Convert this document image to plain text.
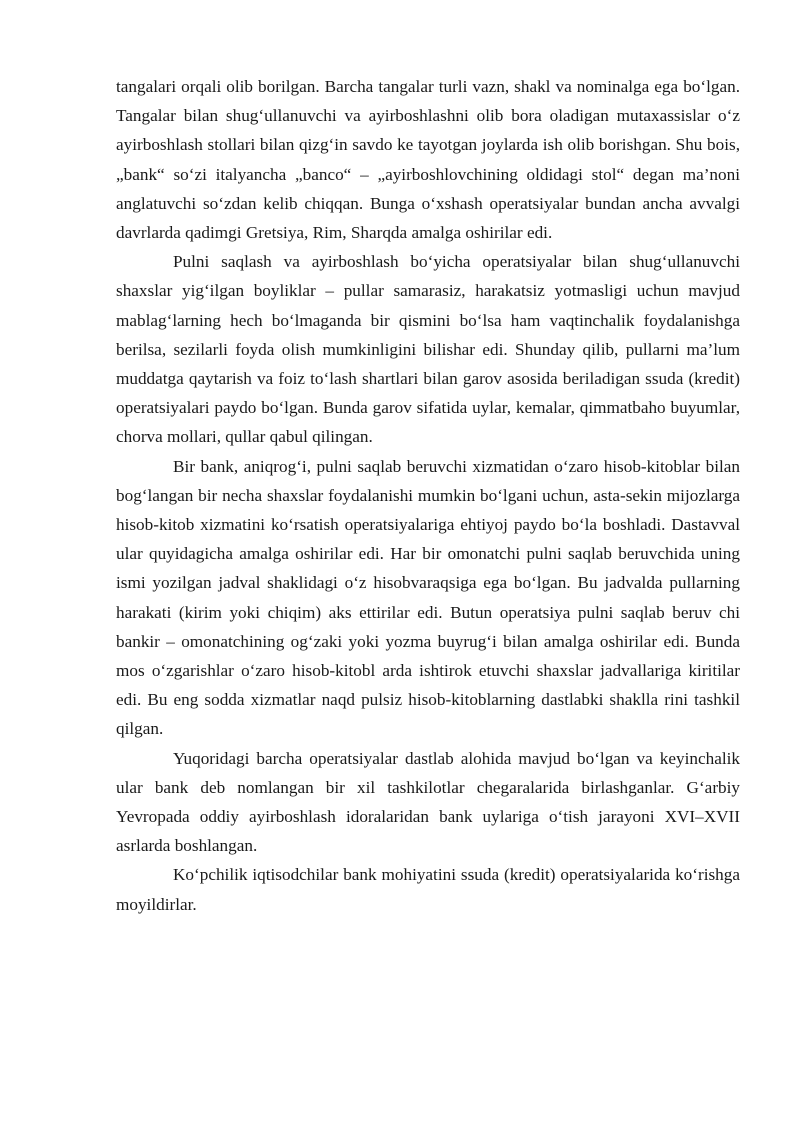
tangalari orqali olib borilgan. Barcha tangalar turli vazn, shakl va nominalga ega bo‘lgan. Tangalar bilan shug‘ullanuvchi va ayirboshlashni olib bora oladigan mutaxassislar o‘z ayirboshlash stollari bilan qizg‘in savdo ke tayotgan joylarda ish olib borishgan. Shu bois, „bank“ so‘zi italyancha „banco“ – „ayirboshlovchining oldidagi stol“ degan ma’noni anglatuvchi so‘zdan kelib chiqqan. Bunga o‘xshash operatsiyalar bundan ancha avvalgi davrlarda qadimgi Gretsiya, Rim, Sharqda amalga oshirilar edi.

Pulni saqlash va ayirboshlash bo‘yicha operatsiyalar bilan shug‘ullanuvchi shaxslar yig‘ilgan boyliklar – pullar samarasiz, harakatsiz yotmasligi uchun mavjud mablag‘larning hech bo‘lmaganda bir qismini bo‘lsa ham vaqtinchalik foydalanishga berilsa, sezilarli foyda olish mumkinligini bilishar edi. Shunday qilib, pullarni ma’lum muddatga qaytarish va foiz to‘lash shartlari bilan garov asosida beriladigan ssuda (kredit) operatsiyalari paydo bo‘lgan. Bunda garov sifatida uylar, kemalar, qimmatbaho buyumlar, chorva mollari, qullar qabul qilingan.

Bir bank, aniqrog‘i, pulni saqlab beruvchi xizmatidan o‘zaro hisob-kitoblar bilan bog‘langan bir necha shaxslar foydalanishi mumkin bo‘lgani uchun, asta-sekin mijozlarga hisob-kitob xizmatini ko‘rsatish operatsiyalariga ehtiyoj paydo bo‘la boshladi. Dastavval ular quyidagicha amalga oshirilar edi. Har bir omonatchi pulni saqlab beruvchida uning ismi yozilgan jadval shaklidagi o‘z hisobvaraqsiga ega bo‘lgan. Bu jadvalda pullarning harakati (kirim yoki chiqim) aks ettirilar edi. Butun operatsiya pulni saqlab beruv chi bankir – omonatchining og‘zaki yoki yozma buyrug‘i bilan amalga oshirilar edi. Bunda mos o‘zgarishlar o‘zaro hisob-kitobl arda ishtirok etuvchi shaxslar jadvallariga kiritilar edi. Bu eng sodda xizmatlar naqd pulsiz hisob-kitoblarning dastlabki shaklla rini tashkil qilgan.

Yuqoridagi barcha operatsiyalar dastlab alohida mavjud bo‘lgan va keyinchalik ular bank deb nomlangan bir xil tashkilotlar chegaralarida birlashganlar. G‘arbiy Yevropada oddiy ayirboshlash idoralaridan bank uylariga o‘tish jarayoni XVI–XVII asrlarda boshlangan.

Ko‘pchilik iqtisodchilar bank mohiyatini ssuda (kredit) operatsiyalarida ko‘rishga moyildirlar.
